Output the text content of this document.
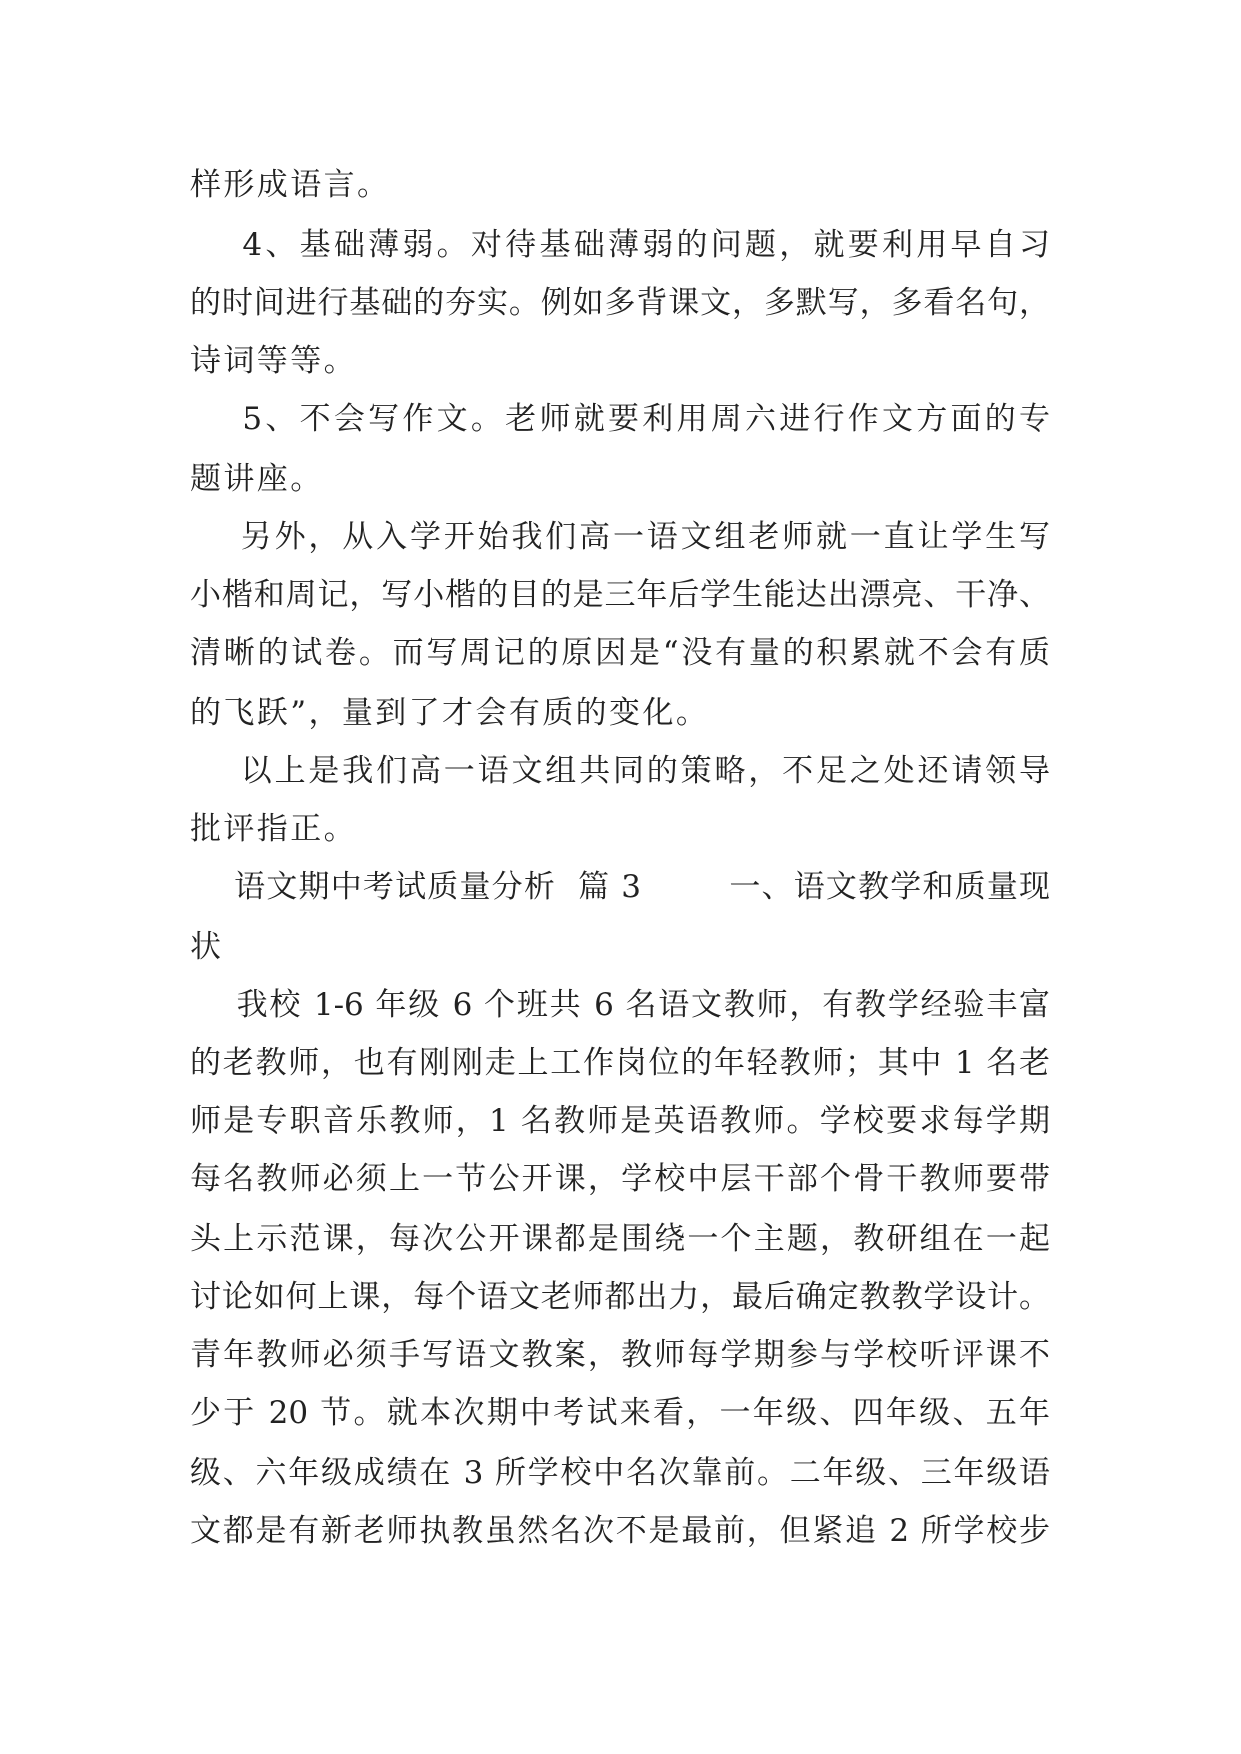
样形成语言。
4、基础薄弱。对待基础薄弱的问题，就要利用早自习
的时间进行基础的夯实。例如多背课文，多默写，多看名句，
诗词等等。
5、不会写作文。老师就要利用周六进行作文方面的专
题讲座。
另外，从入学开始我们高一语文组老师就一直让学生写
小楷和周记，写小楷的目的是三年后学生能达出漂亮、干净、
清晰的试卷。而写周记的原因是“没有量的积累就不会有质
的飞跃”，量到了才会有质的变化。
以上是我们高一语文组共同的策略，不足之处还请领导
批评指正。
语文期中考试质量分析  篇 3        一、语文教学和质量现
状
我校 1-6 年级 6 个班共 6 名语文教师，有教学经验丰富
的老教师，也有刚刚走上工作岗位的年轻教师；其中 1 名老
师是专职音乐教师，1 名教师是英语教师。学校要求每学期
每名教师必须上一节公开课，学校中层干部个骨干教师要带
头上示范课，每次公开课都是围绕一个主题，教研组在一起
讨论如何上课，每个语文老师都出力，最后确定教教学设计。
青年教师必须手写语文教案，教师每学期参与学校听评课不
少于 20 节。就本次期中考试来看，一年级、四年级、五年
级、六年级成绩在 3 所学校中名次靠前。二年级、三年级语
文都是有新老师执教虽然名次不是最前，但紧追 2 所学校步
